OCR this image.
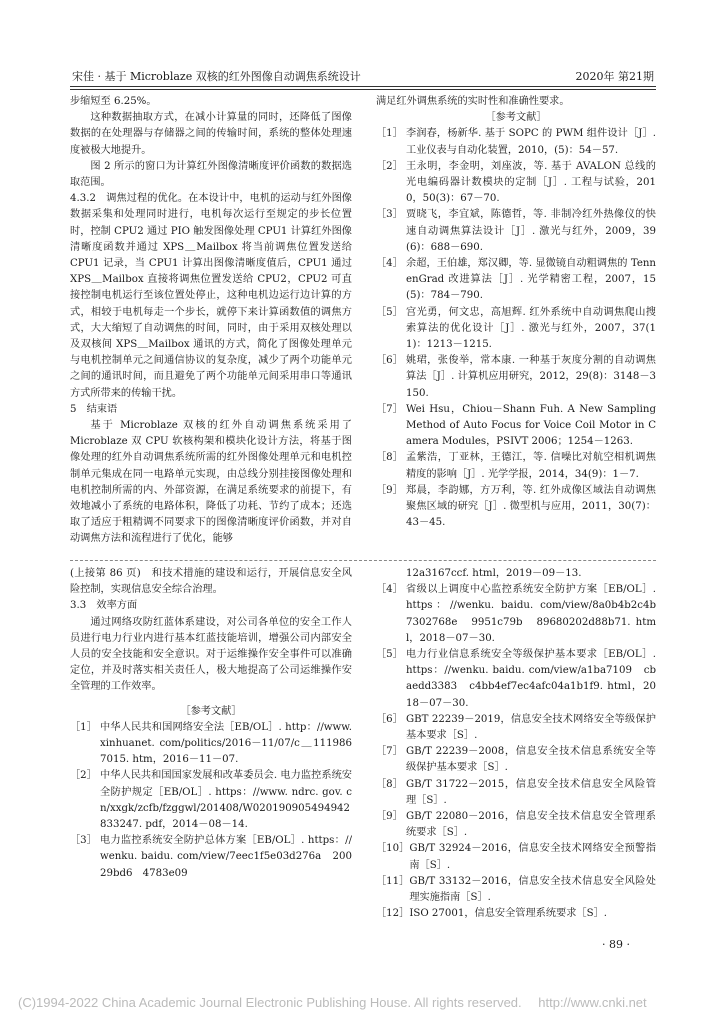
宋佳 · 基于 Microblaze 双核的红外图像自动调焦系统设计	2020年 第21期

步缩短至 6.25%。

这种数据抽取方式，在减小计算量的同时，还降低了图像数据的在处理器与存储器之间的传输时间，系统的整体处理速度被极大地提升。

图 2 所示的窗口为计算红外图像清晰度评价函数的数据选取范围。

4.3.2　调焦过程的优化。在本设计中，电机的运动与红外图像数据采集和处理同时进行，电机每次运行至规定的步长位置时，控制 CPU2 通过 PIO 触发图像处理 CPU1 计算红外图像清晰度函数并通过 XPS＿Mailbox 将当前调焦位置发送给 CPU1 记录，当 CPU1 计算出图像清晰度值后，CPU1 通过 XPS＿Mailbox 直接将调焦位置发送给 CPU2，CPU2 可直接控制电机运行至该位置处停止，这种电机边运行边计算的方式，相较于电机每走一个步长，就停下来计算函数值的调焦方式，大大缩短了自动调焦的时间，同时，由于采用双核处理以及双核间 XPS＿Mailbox 通讯的方式，简化了图像处理单元与电机控制单元之间通信协议的复杂度，减少了两个功能单元之间的通讯时间，而且避免了两个功能单元间采用串口等通讯方式所带来的传输干扰。

5　结束语

基于 Microblaze 双核的红外自动调焦系统采用了 Microblaze 双 CPU 软核构架和模块化设计方法，将基于图像处理的红外自动调焦系统所需的红外图像处理单元和电机控制单元集成在同一电路单元实现，由总线分别挂接图像处理和电机控制所需的内、外部资源，在满足系统要求的前提下，有效地减小了系统的电路体积，降低了功耗、节约了成本；还选取了适应于粗精调不同要求下的图像清晰度评价函数，并对自动调焦方法和流程进行了优化，能够

满足红外调焦系统的实时性和准确性要求。

［参考文献］

［1］ 李润春，杨新华. 基于 SOPC 的 PWM 组件设计［J］. 工业仪表与自动化装置，2010，(5)：54－57.
［2］ 王永明，李金明，刘座波，等. 基于 AVALON 总线的光电编码器计数模块的定制［J］. 工程与试验，2010，50(3)：67－70.
［3］ 贾晓飞，李宜斌，陈德哲，等. 非制冷红外热像仪的快速自动调焦算法设计［J］. 激光与红外，2009，39(6)：688－690.
［4］ 余超，王伯雄，郑汉卿，等. 显微镜自动粗调焦的 TennenGrad 改进算法［J］. 光学精密工程，2007，15(5)：784－790.
［5］ 宫光勇，何文忠，高旭辉. 红外系统中自动调焦爬山搜索算法的优化设计［J］. 激光与红外，2007，37(11)：1213－1215.
［6］ 姚珺，张俊举，常本康. 一种基于灰度分割的自动调焦算法［J］. 计算机应用研究，2012，29(8)：3148－3150.
［7］ Wei Hsu，Chiou－Shann Fuh. A New Sampling Method of Auto Focus for Voice Coil Motor in Camera Modules，PSIVT 2006；1254－1263.
［8］ 孟紫浩，丁亚林，王德江，等. 信噪比对航空相机调焦精度的影响［J］. 光学学报，2014，34(9)：1－7.
［9］ 郑晨，李韵娜，方万利，等. 红外成像区域法自动调焦聚焦区域的研究［J］. 微型机与应用，2011，30(7)：43－45.

(上接第 86 页)　和技术措施的建设和运行，开展信息安全风险控制，实现信息安全综合治理。

3.3　效率方面

通过网络攻防红蓝体系建设，对公司各单位的安全工作人员进行电力行业内进行基本红蓝技能培训，增强公司内部安全人员的安全技能和安全意识。对于运维操作安全事件可以准确定位，并及时落实相关责任人，极大地提高了公司运维操作安全管理的工作效率。

［参考文献］

［1］ 中华人民共和国网络安全法［EB/OL］. http：//www. xinhuanet. com/politics/2016－11/07/c＿1119867015. htm，2016－11－07.
［2］ 中华人民共和国国家发展和改革委员会. 电力监控系统安全防护规定［EB/OL］. https：//www. ndrc. gov. cn/xxgk/zcfb/fzggwl/201408/W020190905494942833247. pdf，2014－08－14.
［3］ 电力监控系统安全防护总体方案［EB/OL］. https：//wenku. baidu. com/view/7eec1f5e03d276a　20029bd6　4783e09
12a3167ccf. html，2019－09－13.
［4］ 省级以上调度中心监控系统安全防护方案［EB/OL］. https：//wenku. baidu. com/view/8a0b4b2c4b　7302768e　9951c79b　89680202d88b71. html，2018－07－30.
［5］ 电力行业信息系统安全等级保护基本要求［EB/OL］. https：//wenku. baidu. com/view/a1ba7109　cbaedd3383　c4bb4ef7ec4afc04a1b1f9. html，2018－07－30.
［6］ GBT 22239－2019，信息安全技术网络安全等级保护基本要求［S］.
［7］ GB/T 22239－2008，信息安全技术信息系统安全等级保护基本要求［S］.
［8］ GB/T 31722－2015，信息安全技术信息安全风险管理［S］.
［9］ GB/T 22080－2016，信息安全技术信息安全管理系统要求［S］.
［10］ GB/T 32924－2016，信息安全技术网络安全预警指南［S］.
［11］ GB/T 33132－2016，信息安全技术信息安全风险处理实施指南［S］.
［12］ ISO 27001，信息安全管理系统要求［S］.
· 89 ·
(C)1994-2022 China Academic Journal Electronic Publishing House. All rights reserved.　 http://www.cnki.net
